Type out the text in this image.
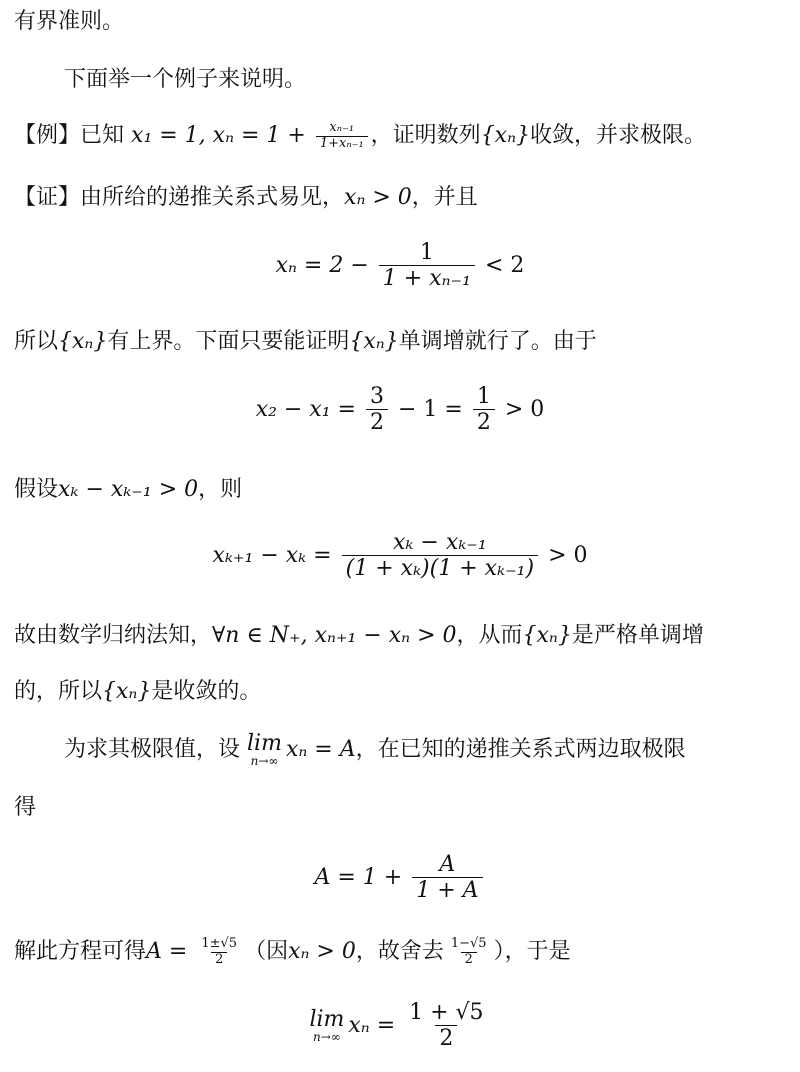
有界准则。
下面举一个例子来说明。
【例】已知 x₁ = 1, $x_n = 1 + \frac{\text{xₙ₋₁}}{\text{1+xₙ₋₁}}$ ，证明数列{xₙ}收敛，并求极限。
【证】由所给的递推关系式易见，xₙ > 0，并且
$x_n = 2 - \frac{1}{\text{1 + xₙ₋₁}} < 2$
所以{xₙ}有上界。下面只要能证明{xₙ}单调增就行了。由于
$x_2 - x_1 = \frac{3}{2} - 1 = \frac{1}{2} > 0$
假设xₖ − xₖ₋₁ > 0，则
$x_{k+1} - x_k = \frac{\text{xₖ − xₖ₋₁}}{\text{(1 + xₖ)(1 + xₖ₋₁)}} > 0$
故由数学归纳法知，∀n ∈ N₊, xₙ₊₁ − xₙ > 0，从而{xₙ}是严格单调增
的，所以{xₙ}是收敛的。
为求其极限值，设 lim
n→∞ xₙ = A，在已知的递推关系式两边取极限
得
$A = 1 + \frac{A}{1 + A}$
解此方程可得$A = \frac{1\pm√5}{2}$ （因xₙ > 0，故舍去 $\frac{1-√5}{2}$ ），于是
lim
n→∞ $x_n = \frac{1 + √5}{2}$
